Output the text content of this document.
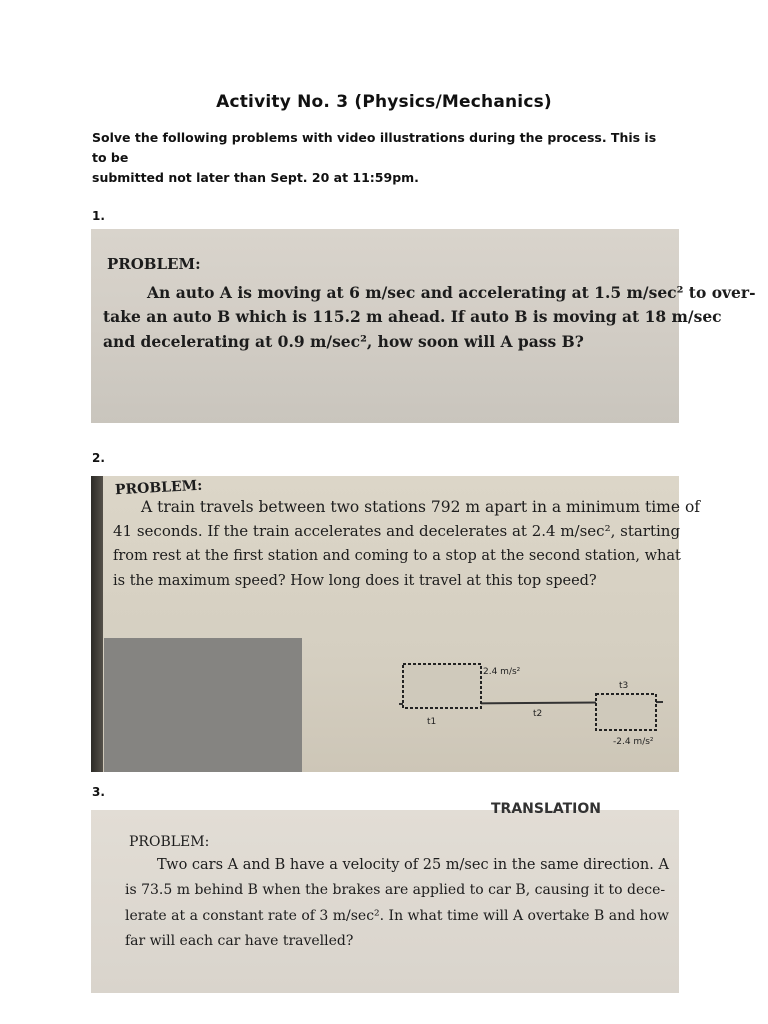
Activity No. 3 (Physics/Mechanics)
Solve the following problems with video illustrations during the process. This is to be
submitted not later than Sept. 20 at 11:59pm.
1.
PROBLEM:
An auto A is moving at 6 m/sec and accelerating at 1.5 m/sec² to over-
take an auto B which is 115.2 m ahead. If auto B is moving at 18 m/sec
and decelerating at 0.9 m/sec², how soon will A pass B?
2.
PROBLEM:
A train travels between two stations 792 m apart in a minimum time of
41 seconds. If the train accelerates and decelerates at 2.4 m/sec², starting
from rest at the first station and coming to a stop at the second station, what
is the maximum speed? How long does it travel at this top speed?
2.4 m/s²
-2.4 m/s²
t1
t2
t3
3.
TRANSLATION
PROBLEM:
Two cars A and B have a velocity of 25 m/sec in the same direction. A
is 73.5 m behind B when the brakes are applied to car B, causing it to dece-
lerate at a constant rate of 3 m/sec². In what time will A overtake B and how
far will each car have travelled?
